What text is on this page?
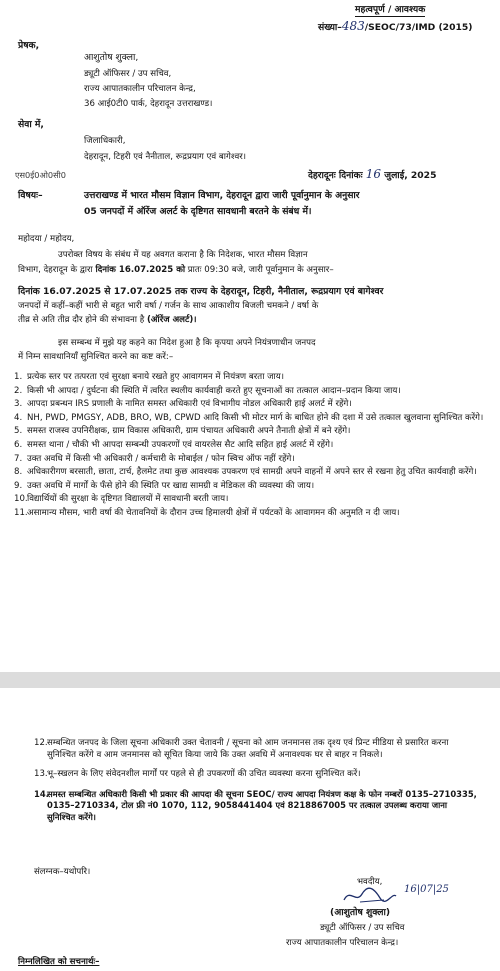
महत्वपूर्ण / आवश्यक
संख्या–483/SEOC/73/IMD (2015)
प्रेषक,
आशुतोष शुक्ला,
ड्यूटी ऑफिसर / उप सचिव,
राज्य आपातकालीन परिचालन केन्द्र,
36 आई0टी0 पार्क, देहरादून उत्तराखण्ड।
सेवा में,
जिलाधिकारी,
देहरादून, टिहरी एवं नैनीताल, रूद्रप्रयाग एवं बागेश्वर।
एस0ई0ओ0सी0	देहरादूनः दिनांकः 16 जुलाई, 2025
विषयः–	उत्तराखण्ड में भारत मौसम विज्ञान विभाग, देहरादून द्वारा जारी पूर्वानुमान के अनुसार
05 जनपदों में ऑरेंज अलर्ट के दृष्टिगत सावधानी बरतने के संबंध में।
महोदया / महोदय,
उपरोक्त विषय के संबंध में यह अवगत कराना है कि निदेशक, भारत मौसम विज्ञान
विभाग, देहरादून के द्वारा दिनांक 16.07.2025 को प्रातः 09:30 बजे, जारी पूर्वानुमान के अनुसार–
दिनांक 16.07.2025 से 17.07.2025 तक राज्य के देहरादून, टिहरी, नैनीताल, रूद्रप्रयाग एवं बागेश्वर
जनपदों में कहीं–कहीं भारी से बहुत भारी वर्षा / गर्जन के साथ आकाशीय बिजली चमकने / वर्षा के
तीव्र से अति तीव्र दौर होने की संभावना है (ऑरेंज अलर्ट)।
इस सम्बन्ध में मुझे यह कहने का निदेश हुआ है कि कृपया अपने नियंत्रणाधीन जनपद
में निम्न सावधानियाँ सुनिश्चित करने का कष्ट करें:–
1. प्रत्येक स्तर पर तत्परता एवं सुरक्षा बनाये रखते हुए आवागमन में नियंत्रण बरता जाय।
2. किसी भी आपदा / दुर्घटना की स्थिति में त्वरित स्थलीय कार्यवाही करते हुए सूचनाओं का तत्काल आदान–प्रदान किया जाय।
3. आपदा प्रबन्धन IRS प्रणाली के नामित समस्त अधिकारी एवं विभागीय नोडल अधिकारी हाई अलर्ट में रहेंगे।
4. NH, PWD, PMGSY, ADB, BRO, WB, CPWD आदि किसी भी मोटर मार्ग के बाधित होने की दशा में उसे तत्काल खुलवाना सुनिश्चित करेंगे।
5. समस्त राजस्व उपनिरीक्षक, ग्राम विकास अधिकारी, ग्राम पंचायत अधिकारी अपने तैनाती क्षेत्रों में बने रहेंगे।
6. समस्त थाना / चौकी भी आपदा सम्बन्धी उपकरणों एवं वायरलेस सैट आदि सहित हाई अलर्ट में रहेंगे।
7. उक्त अवधि में किसी भी अधिकारी / कर्मचारी के मोबाईल / फोन स्विच ऑफ नहीं रहेंगे।
8. अधिकारीगण बरसाती, छाता, टार्च, हैलमेट तथा कुछ आवश्यक उपकरण एवं सामग्री अपने वाहनों में अपने स्तर से रखना हेतु उचित कार्यवाही करेंगे।
9. उक्त अवधि में मार्गों के फँसे होने की स्थिति पर खाद्य सामग्री व मेडिकल की व्यवस्था की जाय।
10. विद्यार्थियों की सुरक्षा के दृष्टिगत विद्यालयों में सावधानी बरती जाय।
11. असामान्य मौसम, भारी वर्षा की चेतावनियों के दौरान उच्च हिमालयी क्षेत्रों में पर्यटकों के आवागमन की अनुमति न दी जाय।
12. सम्बन्धित जनपद के जिला सूचना अधिकारी उक्त चेतावनी / सूचना को आम जनमानस तक दृश्य एवं प्रिन्ट मीडिया से प्रसारित करना सुनिश्चित करेंगे व आम जनमानस को सूचित किया जाये कि उक्त अवधि में अनावश्यक घर से बाहर न निकले।
13. भू–स्खलन के लिए संवेदनशील मार्गों पर पहले से ही उपकरणों की उचित व्यवस्था करना सुनिश्चित करें।
14.
समस्त सम्बन्धित अधिकारी किसी भी प्रकार की आपदा की सूचना SEOC/ राज्य आपदा नियंत्रण कक्ष के फोन नम्बरों 0135–2710335, 0135–2710334, टोल फ्री नं0 1070, 112, 9058441404 एवं 8218867005 पर तत्काल उपलब्ध कराया जाना सुनिश्चित करेंगे।
संलग्नक–यथोपरि।
भवदीय,
16|07|25
(आशुतोष शुक्ला)
ड्यूटी ऑफिसर / उप सचिव
राज्य आपातकालीन परिचालन केन्द्र।
निम्नलिखित को सचनार्थः–
